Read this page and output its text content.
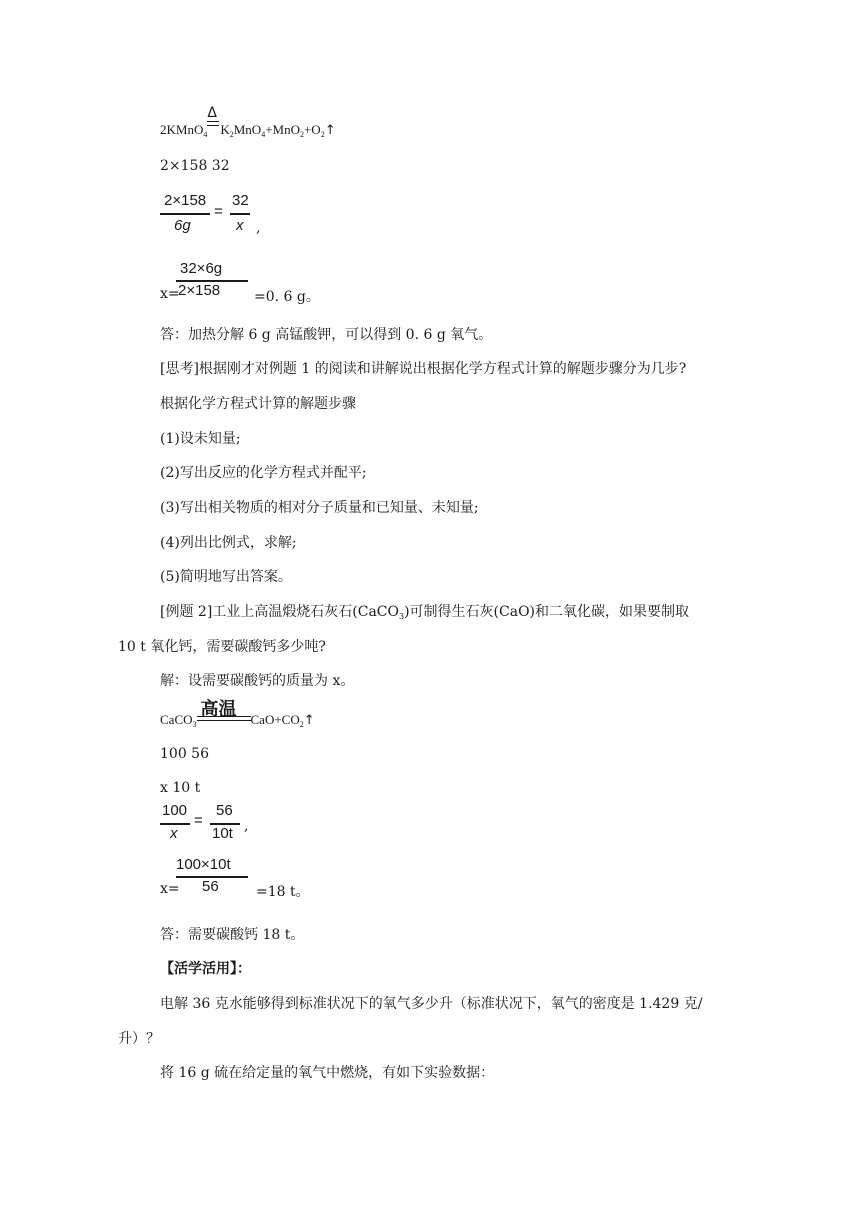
2KMnO$_4$
Δ
$K_2MnO_4+MnO_2+O_2↑$
2×158 32
2×158
6g
=
32
x ,
x=
32×6g
2×158 =0. 6 g。
答：加热分解 6 g 高锰酸钾，可以得到 0. 6 g 氧气。
[思考]根据刚才对例题 1 的阅读和讲解说出根据化学方程式计算的解题步骤分为几步?
根据化学方程式计算的解题步骤
(1)设未知量;
(2)写出反应的化学方程式并配平;
(3)写出相关物质的相对分子质量和已知量、未知量;
(4)列出比例式，求解;
(5)简明地写出答案。
[例题 2]工业上高温煅烧石灰石(CaCO$_3$)可制得生石灰(CaO)和二氧化碳，如果要制取
10 t 氧化钙，需要碳酸钙多少吨?
解：设需要碳酸钙的质量为 x。
CaCO$_3$
高温 $CaO+CO_2↑$
100 56
x 10 t
100
x
=
56
10t ,
x=
100×10t
56	=18 t。
答：需要碳酸钙 18 t。
【活学活用】：
电解 36 克水能够得到标准状况下的氧气多少升（标准状况下，氧气的密度是 1.429 克/
升）？
将 16 g 硫在给定量的氧气中燃烧，有如下实验数据：
